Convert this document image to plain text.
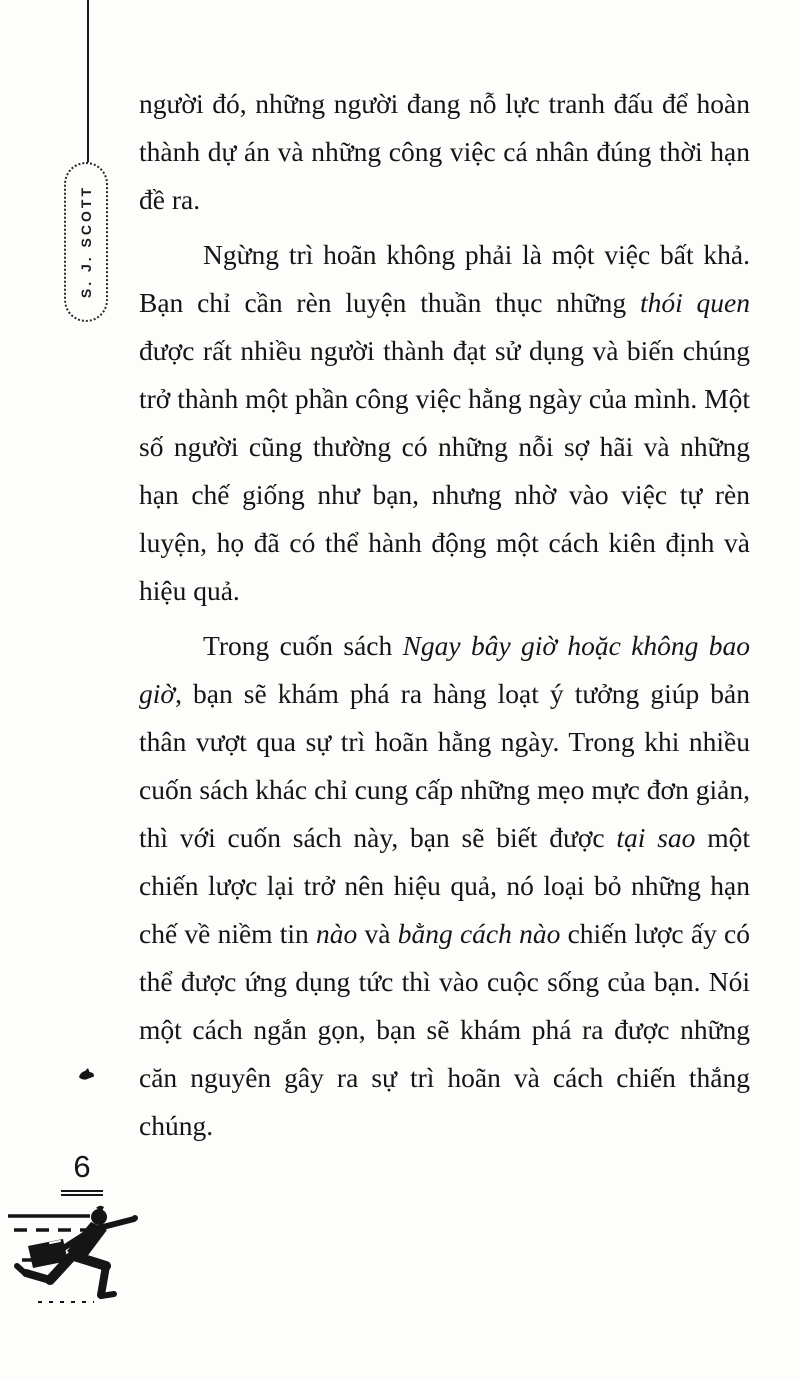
S. J. SCOTT

người đó, những người đang nỗ lực tranh đấu để hoàn thành dự án và những công việc cá nhân đúng thời hạn đề ra.

Ngừng trì hoãn không phải là một việc bất khả. Bạn chỉ cần rèn luyện thuần thục những thói quen được rất nhiều người thành đạt sử dụng và biến chúng trở thành một phần công việc hằng ngày của mình. Một số người cũng thường có những nỗi sợ hãi và những hạn chế giống như bạn, nhưng nhờ vào việc tự rèn luyện, họ đã có thể hành động một cách kiên định và hiệu quả.

Trong cuốn sách Ngay bây giờ hoặc không bao giờ, bạn sẽ khám phá ra hàng loạt ý tưởng giúp bản thân vượt qua sự trì hoãn hằng ngày. Trong khi nhiều cuốn sách khác chỉ cung cấp những mẹo mực đơn giản, thì với cuốn sách này, bạn sẽ biết được tại sao một chiến lược lại trở nên hiệu quả, nó loại bỏ những hạn chế về niềm tin nào và bằng cách nào chiến lược ấy có thể được ứng dụng tức thì vào cuộc sống của bạn. Nói một cách ngắn gọn, bạn sẽ khám phá ra được những căn nguyên gây ra sự trì hoãn và cách chiến thắng chúng.

6
